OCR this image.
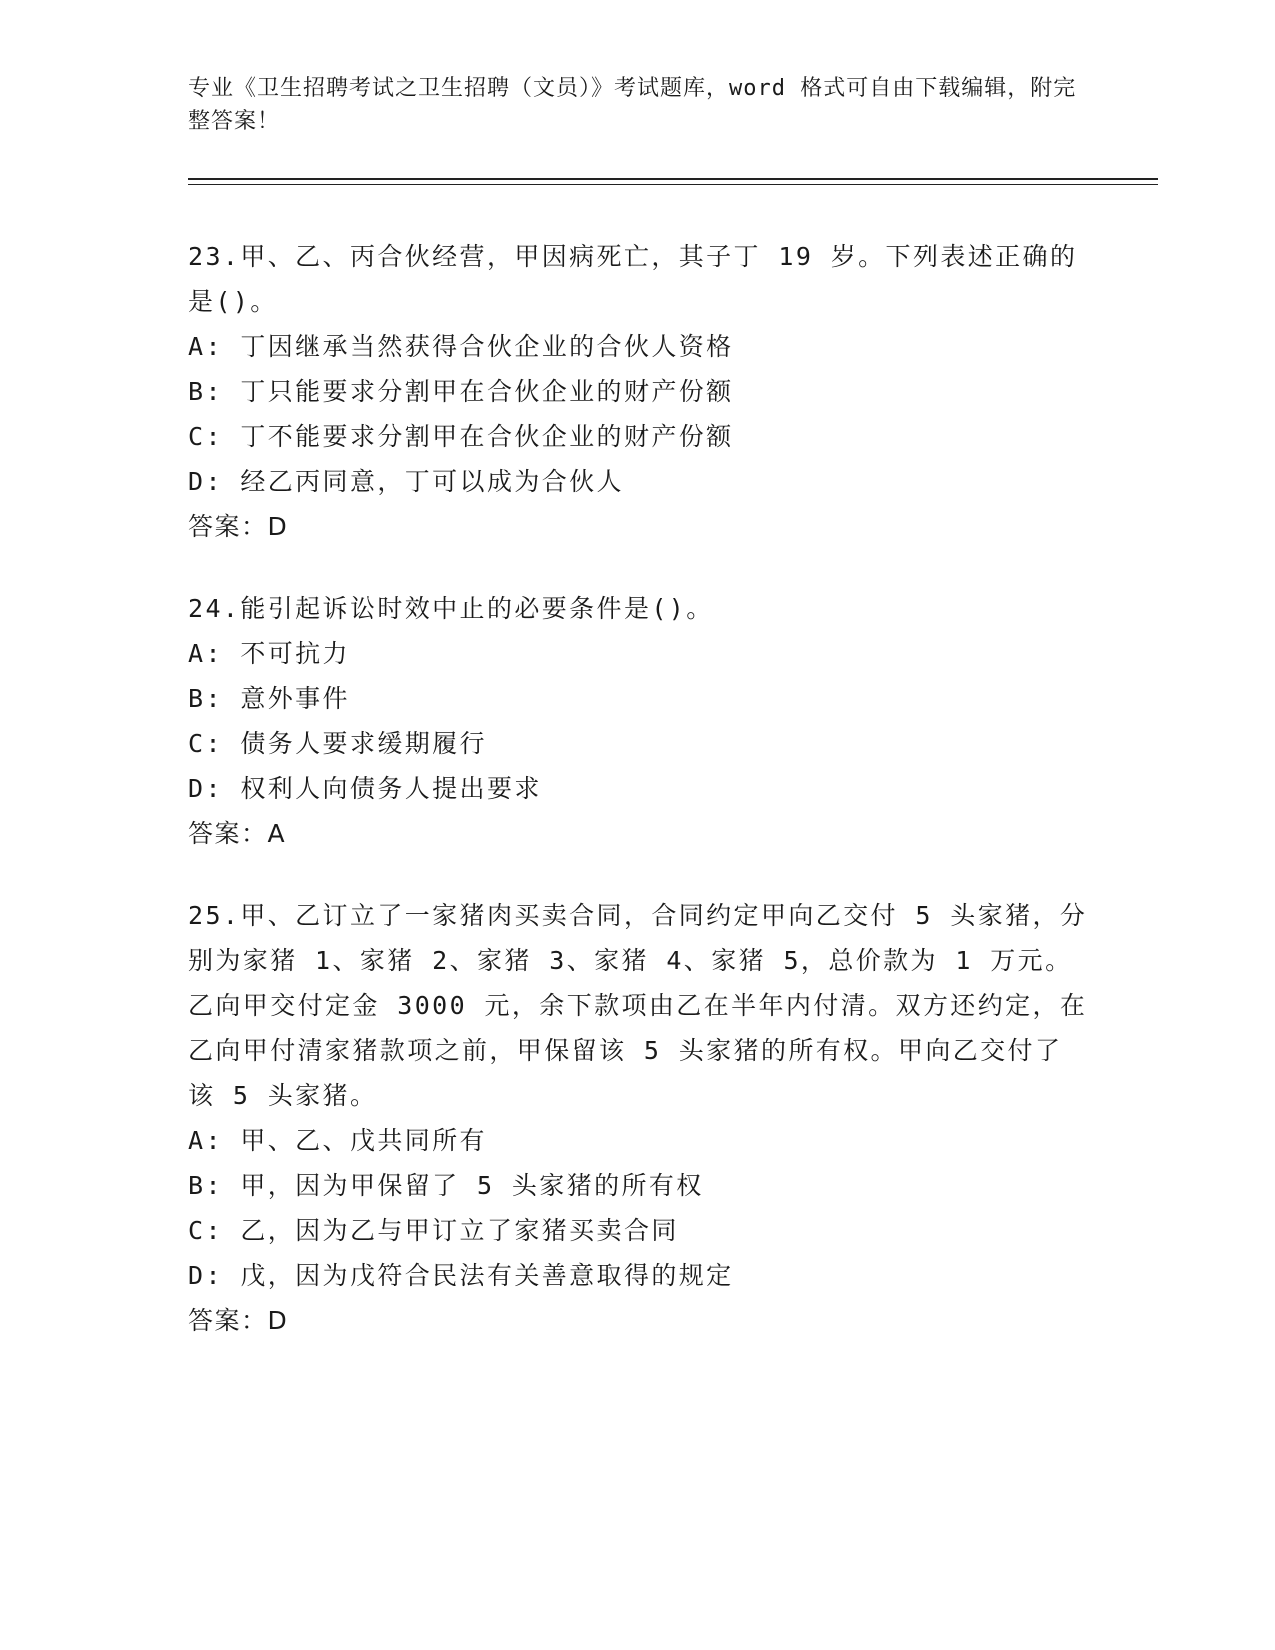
专业《卫生招聘考试之卫生招聘（文员）》考试题库，word 格式可自由下载编辑，附完整答案！

23.甲、乙、丙合伙经营，甲因病死亡，其子丁 19 岁。下列表述正确的是()。

A: 丁因继承当然获得合伙企业的合伙人资格

B: 丁只能要求分割甲在合伙企业的财产份额

C: 丁不能要求分割甲在合伙企业的财产份额

D: 经乙丙同意，丁可以成为合伙人

答案：D

24.能引起诉讼时效中止的必要条件是()。

A: 不可抗力

B: 意外事件

C: 债务人要求缓期履行

D: 权利人向债务人提出要求

答案：A

25.甲、乙订立了一家猪肉买卖合同，合同约定甲向乙交付 5 头家猪，分别为家猪 1、家猪 2、家猪 3、家猪 4、家猪 5，总价款为 1 万元。乙向甲交付定金 3000 元，余下款项由乙在半年内付清。双方还约定，在乙向甲付清家猪款项之前，甲保留该 5 头家猪的所有权。甲向乙交付了该 5 头家猪。

A: 甲、乙、戊共同所有

B: 甲，因为甲保留了 5 头家猪的所有权

C: 乙，因为乙与甲订立了家猪买卖合同

D: 戊，因为戊符合民法有关善意取得的规定

答案：D
